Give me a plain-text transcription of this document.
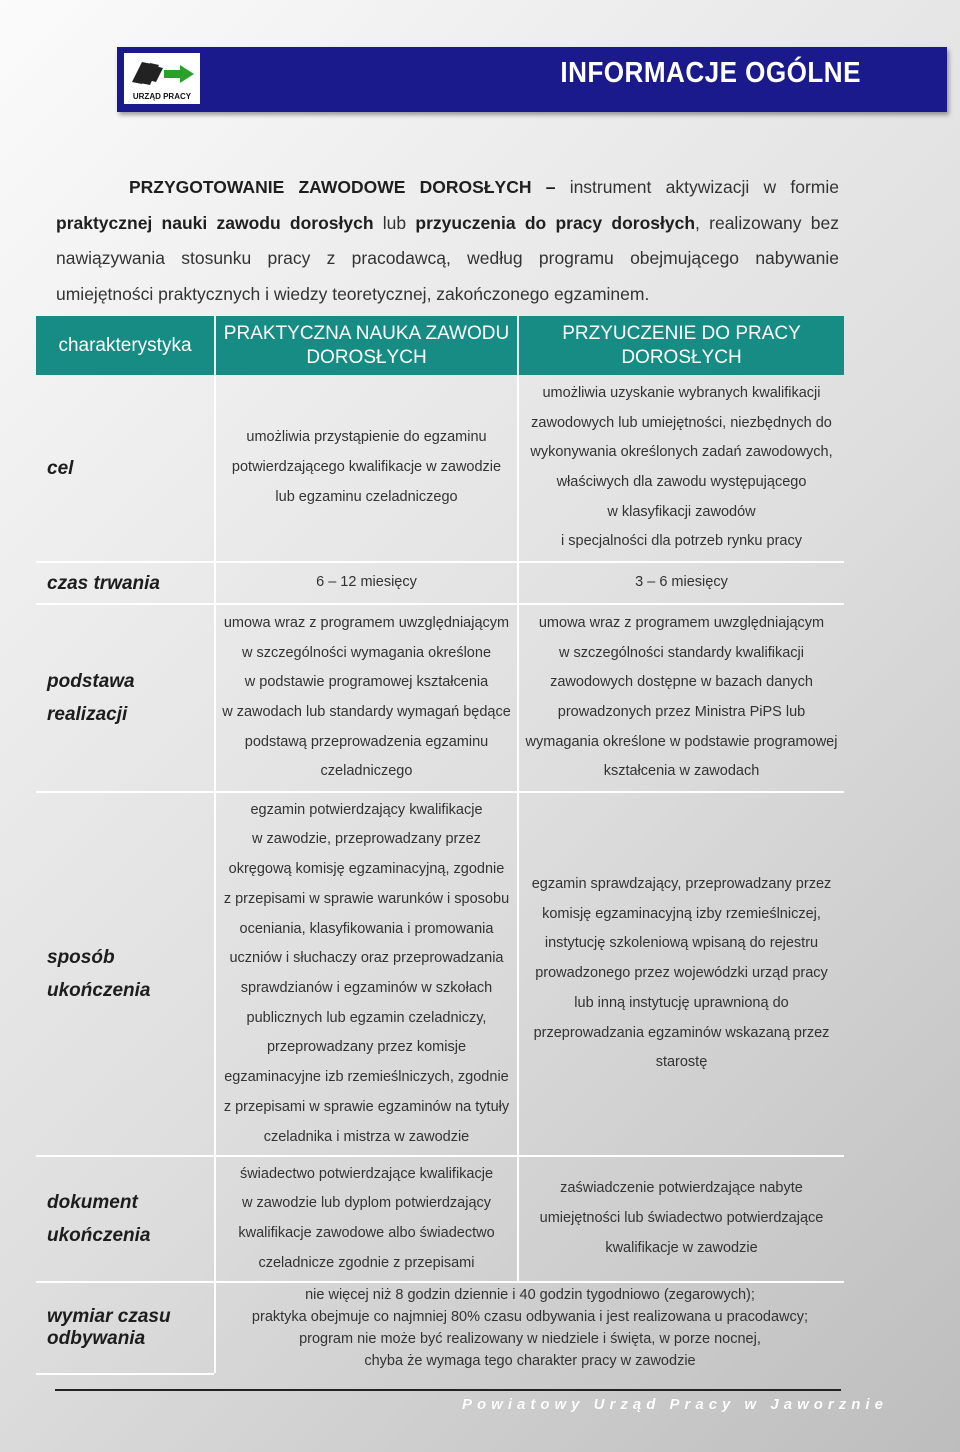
URZĄD PRACY
INFORMACJE OGÓLNE
PRZYGOTOWANIE ZAWODOWE DOROSŁYCH – instrument aktywizacji w formie praktycznej nauki zawodu dorosłych lub przyuczenia do pracy dorosłych, realizowany bez nawiązywania stosunku pracy z pracodawcą, według programu obejmującego nabywanie umiejętności praktycznych i wiedzy teoretycznej, zakończonego egzaminem.
charakterystyka
PRAKTYCZNA NAUKA ZAWODU DOROSŁYCH
PRZYUCZENIE DO PRACY DOROSŁYCH
cel
umożliwia przystąpienie do egzaminu
potwierdzającego kwalifikacje w zawodzie
lub egzaminu czeladniczego
umożliwia uzyskanie wybranych kwalifikacji
zawodowych lub umiejętności, niezbędnych do
wykonywania określonych zadań zawodowych,
właściwych dla zawodu występującego
w klasyfikacji zawodów
i specjalności dla potrzeb rynku pracy
czas trwania	6 – 12 miesięcy	3 – 6 miesięcy
podstawa
realizacji
umowa wraz z programem uwzględniającym
w szczególności wymagania określone
w podstawie programowej kształcenia
w zawodach lub standardy wymagań będące
podstawą przeprowadzenia egzaminu
czeladniczego
umowa wraz z programem uwzględniającym
w szczególności standardy kwalifikacji
zawodowych dostępne w bazach danych
prowadzonych przez Ministra PiPS lub
wymagania określone w podstawie programowej
kształcenia w zawodach
sposób
ukończenia
egzamin potwierdzający kwalifikacje
w zawodzie, przeprowadzany przez
okręgową komisję egzaminacyjną, zgodnie
z przepisami w sprawie warunków i sposobu
oceniania, klasyfikowania i promowania
uczniów i słuchaczy oraz przeprowadzania
sprawdzianów i egzaminów w szkołach
publicznych lub egzamin czeladniczy,
przeprowadzany przez komisje
egzaminacyjne izb rzemieślniczych, zgodnie
z przepisami w sprawie egzaminów na tytuły
czeladnika i mistrza w zawodzie
egzamin sprawdzający, przeprowadzany przez
komisję egzaminacyjną izby rzemieślniczej,
instytucję szkoleniową wpisaną do rejestru
prowadzonego przez wojewódzki urząd pracy
lub inną instytucję uprawnioną do
przeprowadzania egzaminów wskazaną przez
starostę
dokument
ukończenia
świadectwo potwierdzające kwalifikacje
w zawodzie lub dyplom potwierdzający
kwalifikacje zawodowe albo świadectwo
czeladnicze zgodnie z przepisami
zaświadczenie potwierdzające nabyte
umiejętności lub świadectwo potwierdzające
kwalifikacje w zawodzie
wymiar czasu
odbywania
nie więcej niż 8 godzin dziennie i 40 godzin tygodniowo (zegarowych);
praktyka obejmuje co najmniej 80% czasu odbywania i jest realizowana u pracodawcy;
program nie może być realizowany w niedziele i święta, w porze nocnej,
chyba że wymaga tego charakter pracy w zawodzie
Powiatowy Urząd Pracy w Jaworznie
